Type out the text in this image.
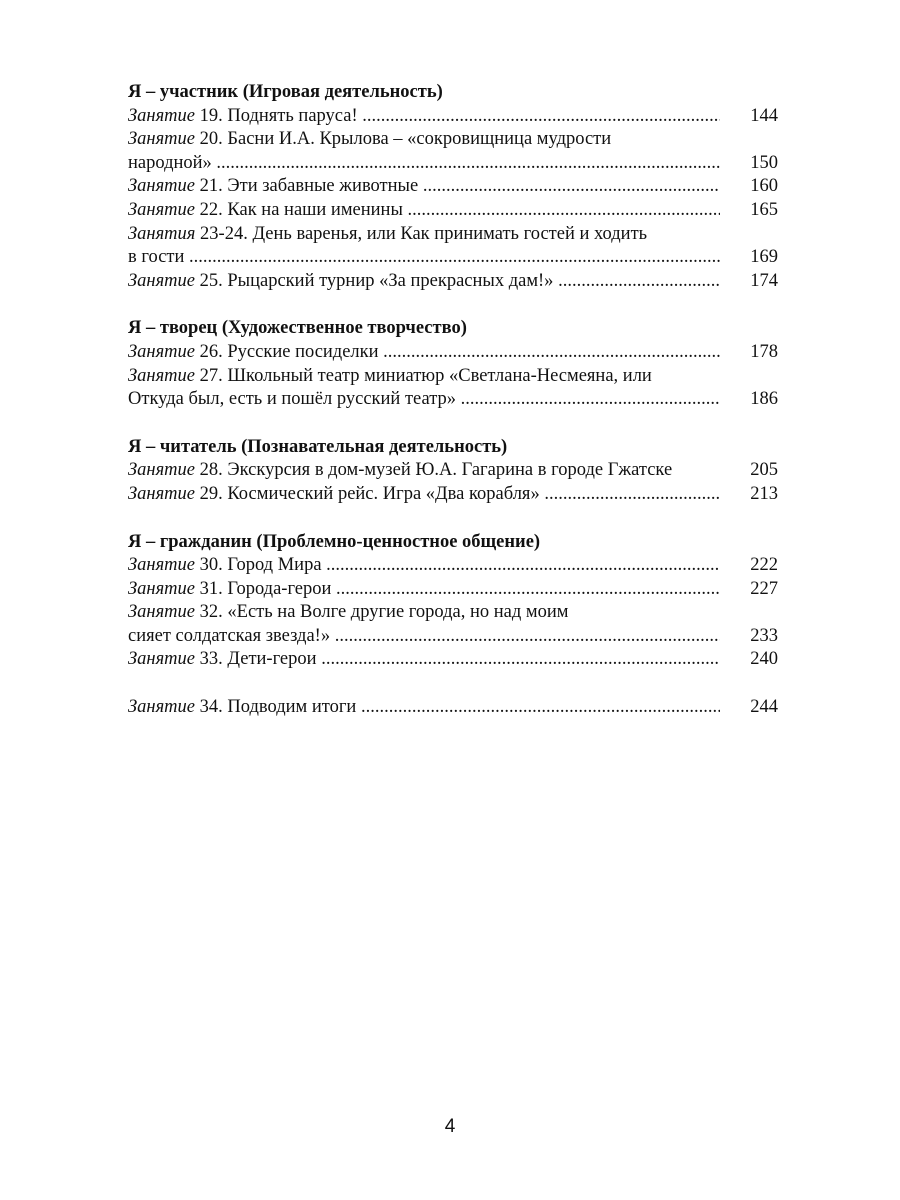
Я – участник (Игровая деятельность)
Занятие 19. Поднять паруса! .....	144
Занятие 20. Басни И.А. Крылова – «сокровищница мудрости
народной» .....	150
Занятие 21. Эти забавные животные .....	160
Занятие 22. Как на наши именины .....	165
Занятия 23-24. День варенья, или Как принимать гостей и ходить
в гости .....	169
Занятие 25. Рыцарский турнир «За прекрасных дам!» .....	174
Я – творец (Художественное творчество)
Занятие 26. Русские посиделки .....	178
Занятие 27. Школьный театр миниатюр «Светлана-Несмеяна, или
Откуда был, есть и пошёл русский театр» .....	186
Я – читатель (Познавательная деятельность)
Занятие 28. Экскурсия в дом-музей Ю.А. Гагарина в городе Гжатске	205
Занятие 29. Космический рейс. Игра «Два корабля» .....	213
Я – гражданин (Проблемно-ценностное общение)
Занятие 30. Город Мира .....	222
Занятие 31. Города-герои .....	227
Занятие 32. «Есть на Волге другие города, но над моим
сияет солдатская звезда!» .....	233
Занятие 33. Дети-герои .....	240
Занятие 34. Подводим итоги .....	244
4
